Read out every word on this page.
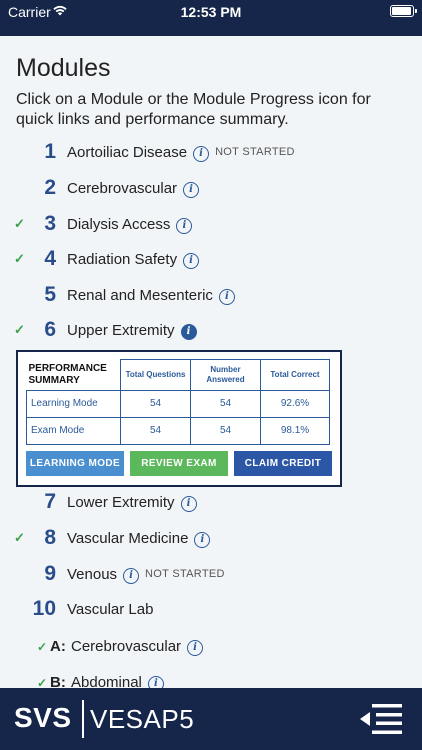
Carrier	12:53 PM
Modules

Click on a Module or the Module Progress icon for quick links and performance summary.

1 Aortoiliac Disease i NOT STARTED
2 Cerebrovascular i
✓ 3 Dialysis Access i
✓ 4 Radiation Safety i
5 Renal and Mesenteric i
✓ 6 Upper Extremity i
PERFORMANCE
SUMMARY	Total Questions	Number Answered	Total Correct
Learning Mode	54	54	92.6%
Exam Mode	54	54	98.1%
LEARNING MODE	REVIEW EXAM	CLAIM CREDIT
7 Lower Extremity i
✓ 8 Vascular Medicine i
9 Venous i NOT STARTED
10 Vascular Lab
✓ A: Cerebrovascular i
✓ B: Abdominal i
SVS VESAP5
